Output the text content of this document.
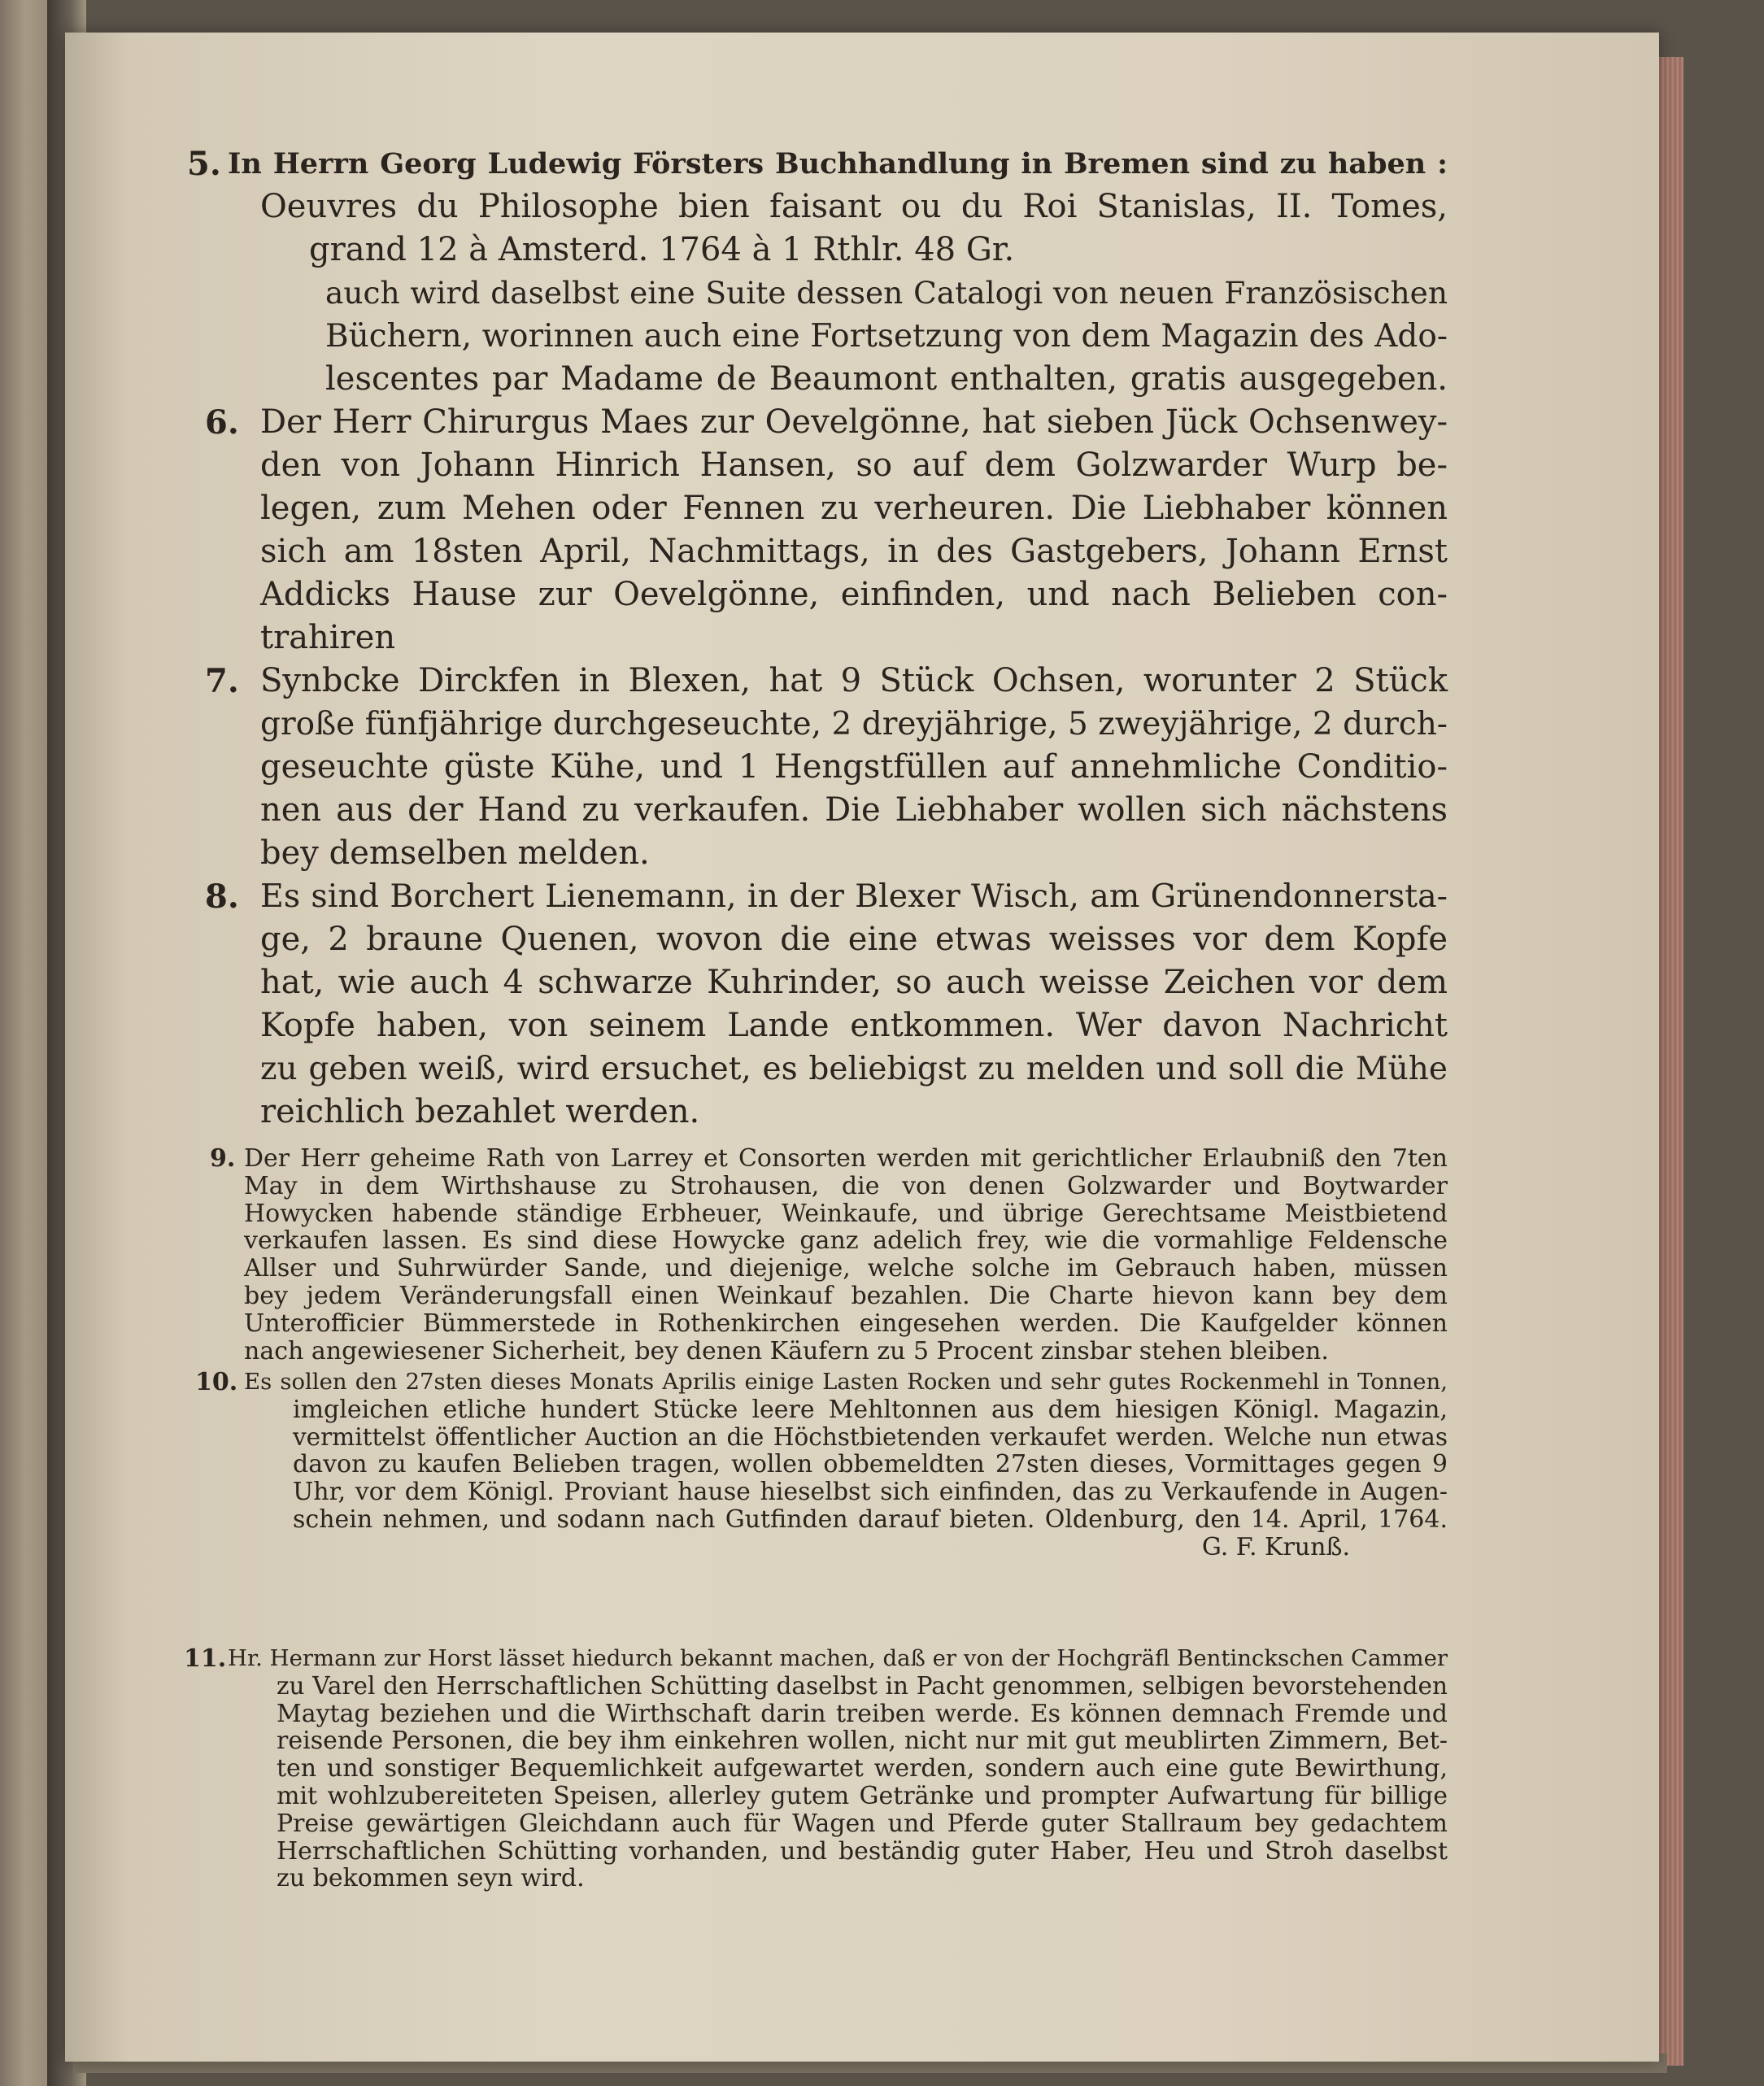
5. In Herrn Georg Ludewig Försters Buchhandlung in Bremen sind zu haben :
Oeuvres du Philosophe bien faisant ou du Roi Stanislas, II. Tomes,
grand 12 à Amsterd. 1764 à 1 Rthlr. 48 Gr.
auch wird daselbst eine Suite dessen Catalogi von neuen Französischen
Büchern, worinnen auch eine Fortsetzung von dem Magazin des Ado-
lescentes par Madame de Beaumont enthalten, gratis ausgegeben.
6. Der Herr Chirurgus Maes zur Oevelgönne, hat sieben Jück Ochsenwey-
den von Johann Hinrich Hansen, so auf dem Golzwarder Wurp be-
legen, zum Mehen oder Fennen zu verheuren. Die Liebhaber können
sich am 18sten April, Nachmittags, in des Gastgebers, Johann Ernst
Addicks Hause zur Oevelgönne, einfinden, und nach Belieben con-
trahiren
7. Synbcke Dirckfen in Blexen, hat 9 Stück Ochsen, worunter 2 Stück
große fünfjährige durchgeseuchte, 2 dreyjährige, 5 zweyjährige, 2 durch-
geseuchte güste Kühe, und 1 Hengstfüllen auf annehmliche Conditio-
nen aus der Hand zu verkaufen. Die Liebhaber wollen sich nächstens
bey demselben melden.
8. Es sind Borchert Lienemann, in der Blexer Wisch, am Grünendonnersta-
ge, 2 braune Quenen, wovon die eine etwas weisses vor dem Kopfe
hat, wie auch 4 schwarze Kuhrinder, so auch weisse Zeichen vor dem
Kopfe haben, von seinem Lande entkommen. Wer davon Nachricht
zu geben weiß, wird ersuchet, es beliebigst zu melden und soll die Mühe
reichlich bezahlet werden.
9. Der Herr geheime Rath von Larrey et Consorten werden mit gerichtlicher Erlaubniß den 7ten
May in dem Wirthshause zu Strohausen, die von denen Golzwarder und Boytwarder
Howycken habende ständige Erbheuer, Weinkaufe, und übrige Gerechtsame Meistbietend
verkaufen lassen. Es sind diese Howycke ganz adelich frey, wie die vormahlige Feldensche
Allser und Suhrwürder Sande, und diejenige, welche solche im Gebrauch haben, müssen
bey jedem Veränderungsfall einen Weinkauf bezahlen. Die Charte hievon kann bey dem
Unterofficier Bümmerstede in Rothenkirchen eingesehen werden. Die Kaufgelder können
nach angewiesener Sicherheit, bey denen Käufern zu 5 Procent zinsbar stehen bleiben.
10. Es sollen den 27sten dieses Monats Aprilis einige Lasten Rocken und sehr gutes Rockenmehl in Tonnen,
imgleichen etliche hundert Stücke leere Mehltonnen aus dem hiesigen Königl. Magazin,
vermittelst öffentlicher Auction an die Höchstbietenden verkaufet werden. Welche nun etwas
davon zu kaufen Belieben tragen, wollen obbemeldten 27sten dieses, Vormittages gegen 9
Uhr, vor dem Königl. Proviant hause hieselbst sich einfinden, das zu Verkaufende in Augen-
schein nehmen, und sodann nach Gutfinden darauf bieten. Oldenburg, den 14. April, 1764.
G. F. Krunß.
11. Hr. Hermann zur Horst lässet hiedurch bekannt machen, daß er von der Hochgräfl Bentinckschen Cammer
zu Varel den Herrschaftlichen Schütting daselbst in Pacht genommen, selbigen bevorstehenden
Maytag beziehen und die Wirthschaft darin treiben werde. Es können demnach Fremde und
reisende Personen, die bey ihm einkehren wollen, nicht nur mit gut meublirten Zimmern, Bet-
ten und sonstiger Bequemlichkeit aufgewartet werden, sondern auch eine gute Bewirthung,
mit wohlzubereiteten Speisen, allerley gutem Getränke und prompter Aufwartung für billige
Preise gewärtigen Gleichdann auch für Wagen und Pferde guter Stallraum bey gedachtem
Herrschaftlichen Schütting vorhanden, und beständig guter Haber, Heu und Stroh daselbst
zu bekommen seyn wird.
